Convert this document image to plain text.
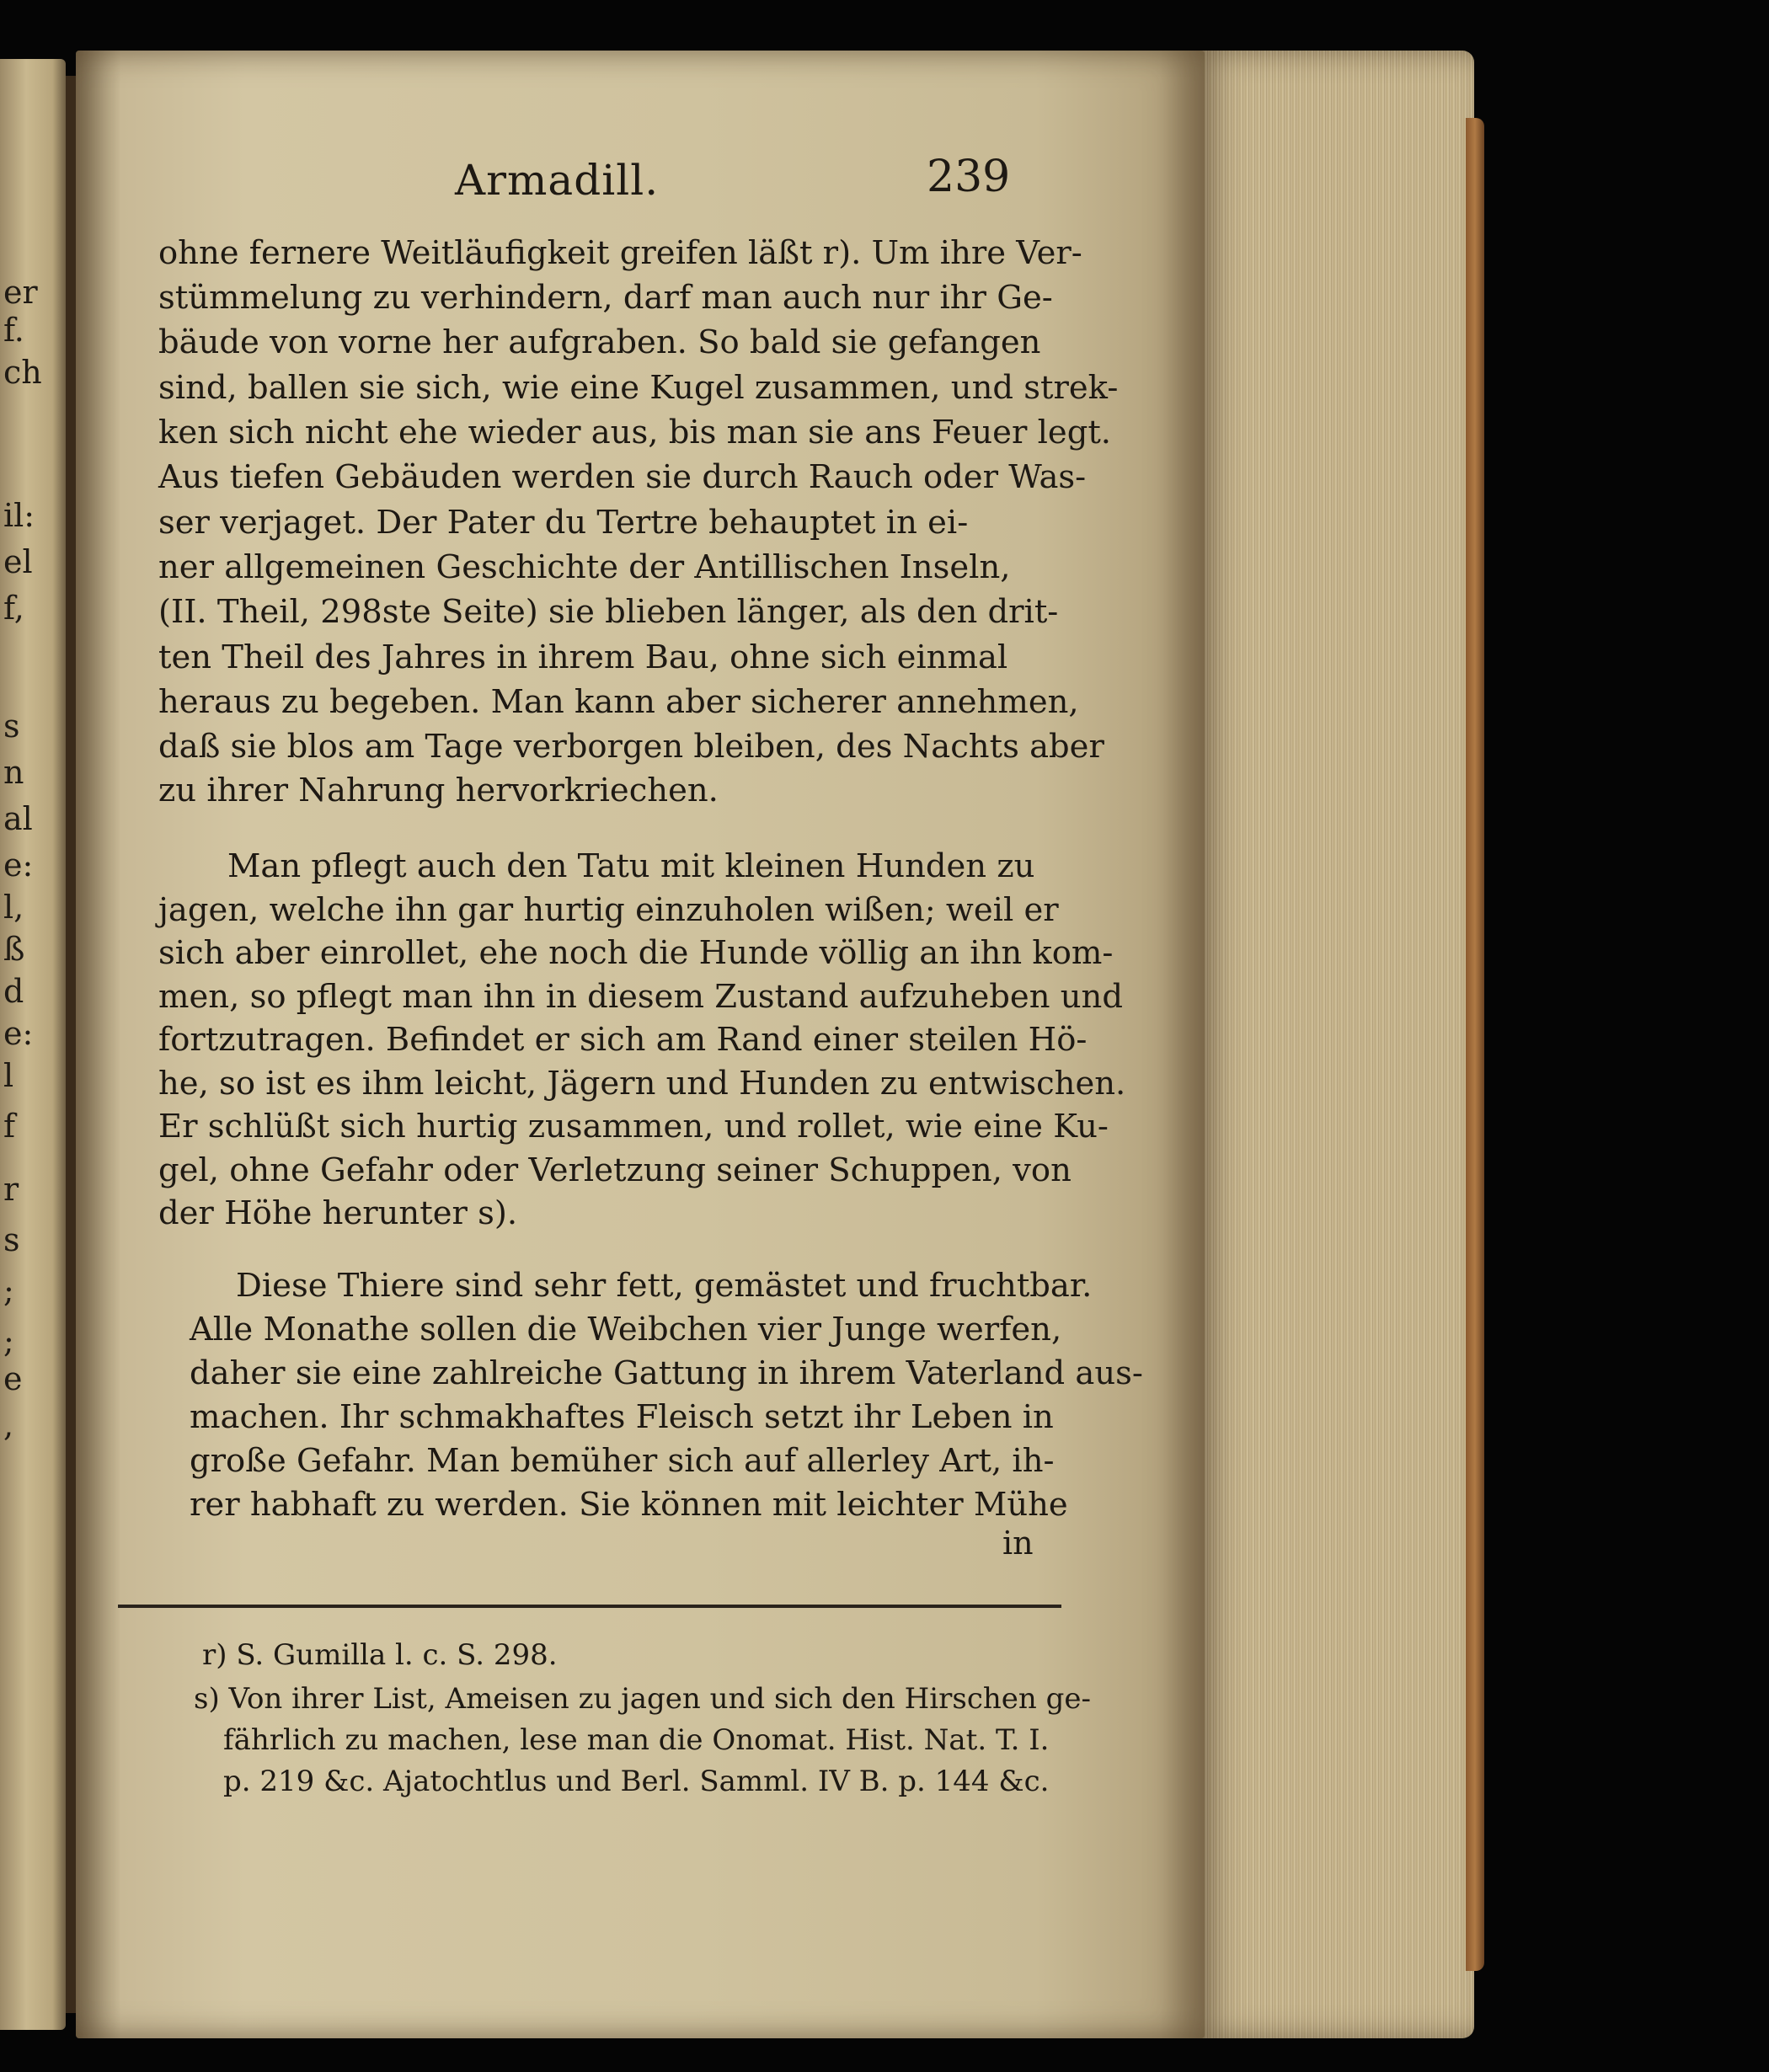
er
f.
ch
il:
el
f,
s
n
al
e:
l,
ß
d
e:
l
f
r
s
;
;
e
,
Armadill.	239
ohne fernere Weitläufigkeit greifen läßt r). Um ihre Ver-
stümmelung zu verhindern, darf man auch nur ihr Ge-
bäude von vorne her aufgraben. So bald sie gefangen
sind, ballen sie sich, wie eine Kugel zusammen, und strek-
ken sich nicht ehe wieder aus, bis man sie ans Feuer legt.
Aus tiefen Gebäuden werden sie durch Rauch oder Was-
ser verjaget. Der Pater du Tertre behauptet in ei-
ner allgemeinen Geschichte der Antillischen Inseln,
(II. Theil, 298ste Seite) sie blieben länger, als den drit-
ten Theil des Jahres in ihrem Bau, ohne sich einmal
heraus zu begeben. Man kann aber sicherer annehmen,
daß sie blos am Tage verborgen bleiben, des Nachts aber
zu ihrer Nahrung hervorkriechen.
Man pflegt auch den Tatu mit kleinen Hunden zu
jagen, welche ihn gar hurtig einzuholen wißen; weil er
sich aber einrollet, ehe noch die Hunde völlig an ihn kom-
men, so pflegt man ihn in diesem Zustand aufzuheben und
fortzutragen. Befindet er sich am Rand einer steilen Hö-
he, so ist es ihm leicht, Jägern und Hunden zu entwischen.
Er schlüßt sich hurtig zusammen, und rollet, wie eine Ku-
gel, ohne Gefahr oder Verletzung seiner Schuppen, von
der Höhe herunter s).
Diese Thiere sind sehr fett, gemästet und fruchtbar.
Alle Monathe sollen die Weibchen vier Junge werfen,
daher sie eine zahlreiche Gattung in ihrem Vaterland aus-
machen. Ihr schmakhaftes Fleisch setzt ihr Leben in
große Gefahr. Man bemüher sich auf allerley Art, ih-
rer habhaft zu werden. Sie können mit leichter Mühe
in
r) S. Gumilla l. c. S. 298.
s) Von ihrer List, Ameisen zu jagen und sich den Hirschen ge-
fährlich zu machen, lese man die Onomat. Hist. Nat. T. I.
p. 219 &c. Ajatochtlus und Berl. Samml. IV B. p. 144 &c.
